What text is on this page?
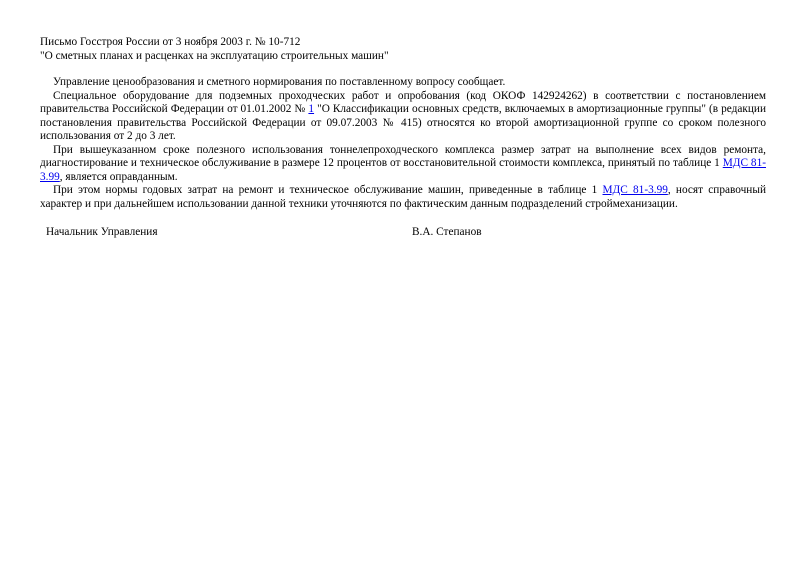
Письмо Госстроя России от 3 ноября 2003 г. № 10-712

"О сметных планах и расценках на эксплуатацию строительных машин"

Управление ценообразования и сметного нормирования по поставленному вопросу сообщает.

Специальное оборудование для подземных проходческих работ и опробования (код ОКОФ 142924262) в соответствии с постановлением правительства Российской Федерации от 01.01.2002 № 1 "О Классификации основных средств, включаемых в амортизационные группы" (в редакции постановления правительства Российской Федерации от 09.07.2003 № 415) относятся ко второй амортизационной группе со сроком полезного использования от 2 до 3 лет.

При вышеуказанном сроке полезного использования тоннелепроходческого комплекса размер затрат на выполнение всех видов ремонта, диагностирование и техническое обслуживание в размере 12 процентов от восстановительной стоимости комплекса, принятый по таблице 1 МДС 81-3.99, является оправданным.

При этом нормы годовых затрат на ремонт и техническое обслуживание машин, приведенные в таблице 1 МДС 81-3.99, носят справочный характер и при дальнейшем использовании данной техники уточняются по фактическим данным подразделений строймеханизации.

Начальник Управления	В.А. Степанов
